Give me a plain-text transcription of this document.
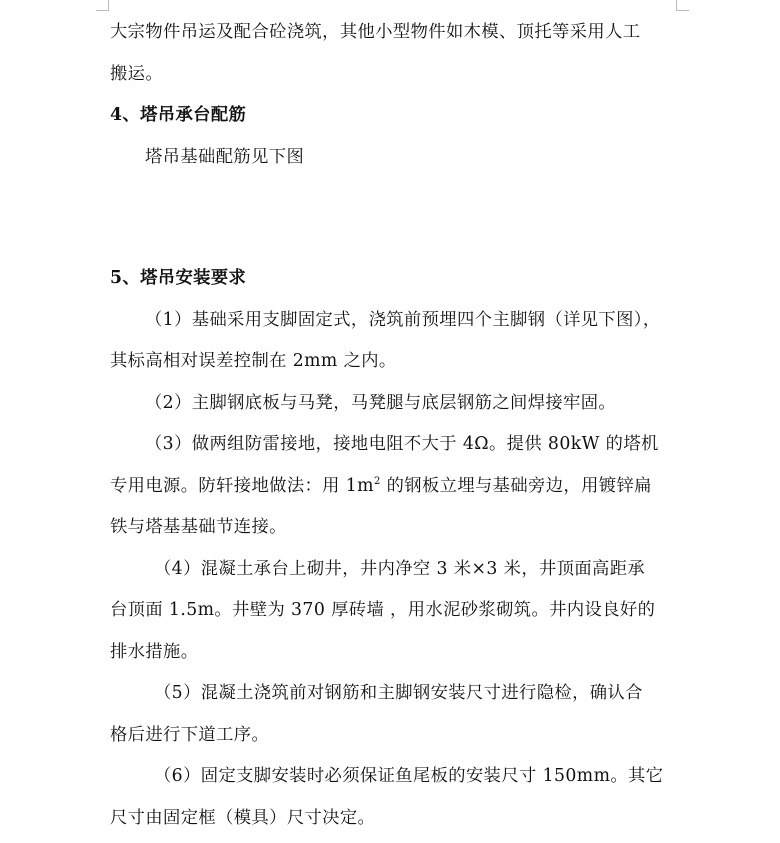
大宗物件吊运及配合砼浇筑，其他小型物件如木模、顶托等采用人工

搬运。

4、塔吊承台配筋

塔吊基础配筋见下图

5、塔吊安装要求

（1）基础采用支脚固定式，浇筑前预埋四个主脚钢（详见下图），

其标高相对误差控制在 2mm 之内。

（2）主脚钢底板与马凳，马凳腿与底层钢筋之间焊接牢固。

（3）做两组防雷接地，接地电阻不大于 4Ω。提供 80kW 的塔机

专用电源。防轩接地做法：用 $1m^2$ 的钢板立埋与基础旁边，用镀锌扁

铁与塔基基础节连接。

（4）混凝土承台上砌井，井内净空 3 米×3 米，井顶面高距承

台顶面 1.5m。井壁为 370 厚砖墙 ，用水泥砂浆砌筑。井内设良好的

排水措施。

（5）混凝土浇筑前对钢筋和主脚钢安装尺寸进行隐检，确认合

格后进行下道工序。

（6）固定支脚安装时必须保证鱼尾板的安装尺寸 150mm。其它

尺寸由固定框（模具）尺寸决定。
